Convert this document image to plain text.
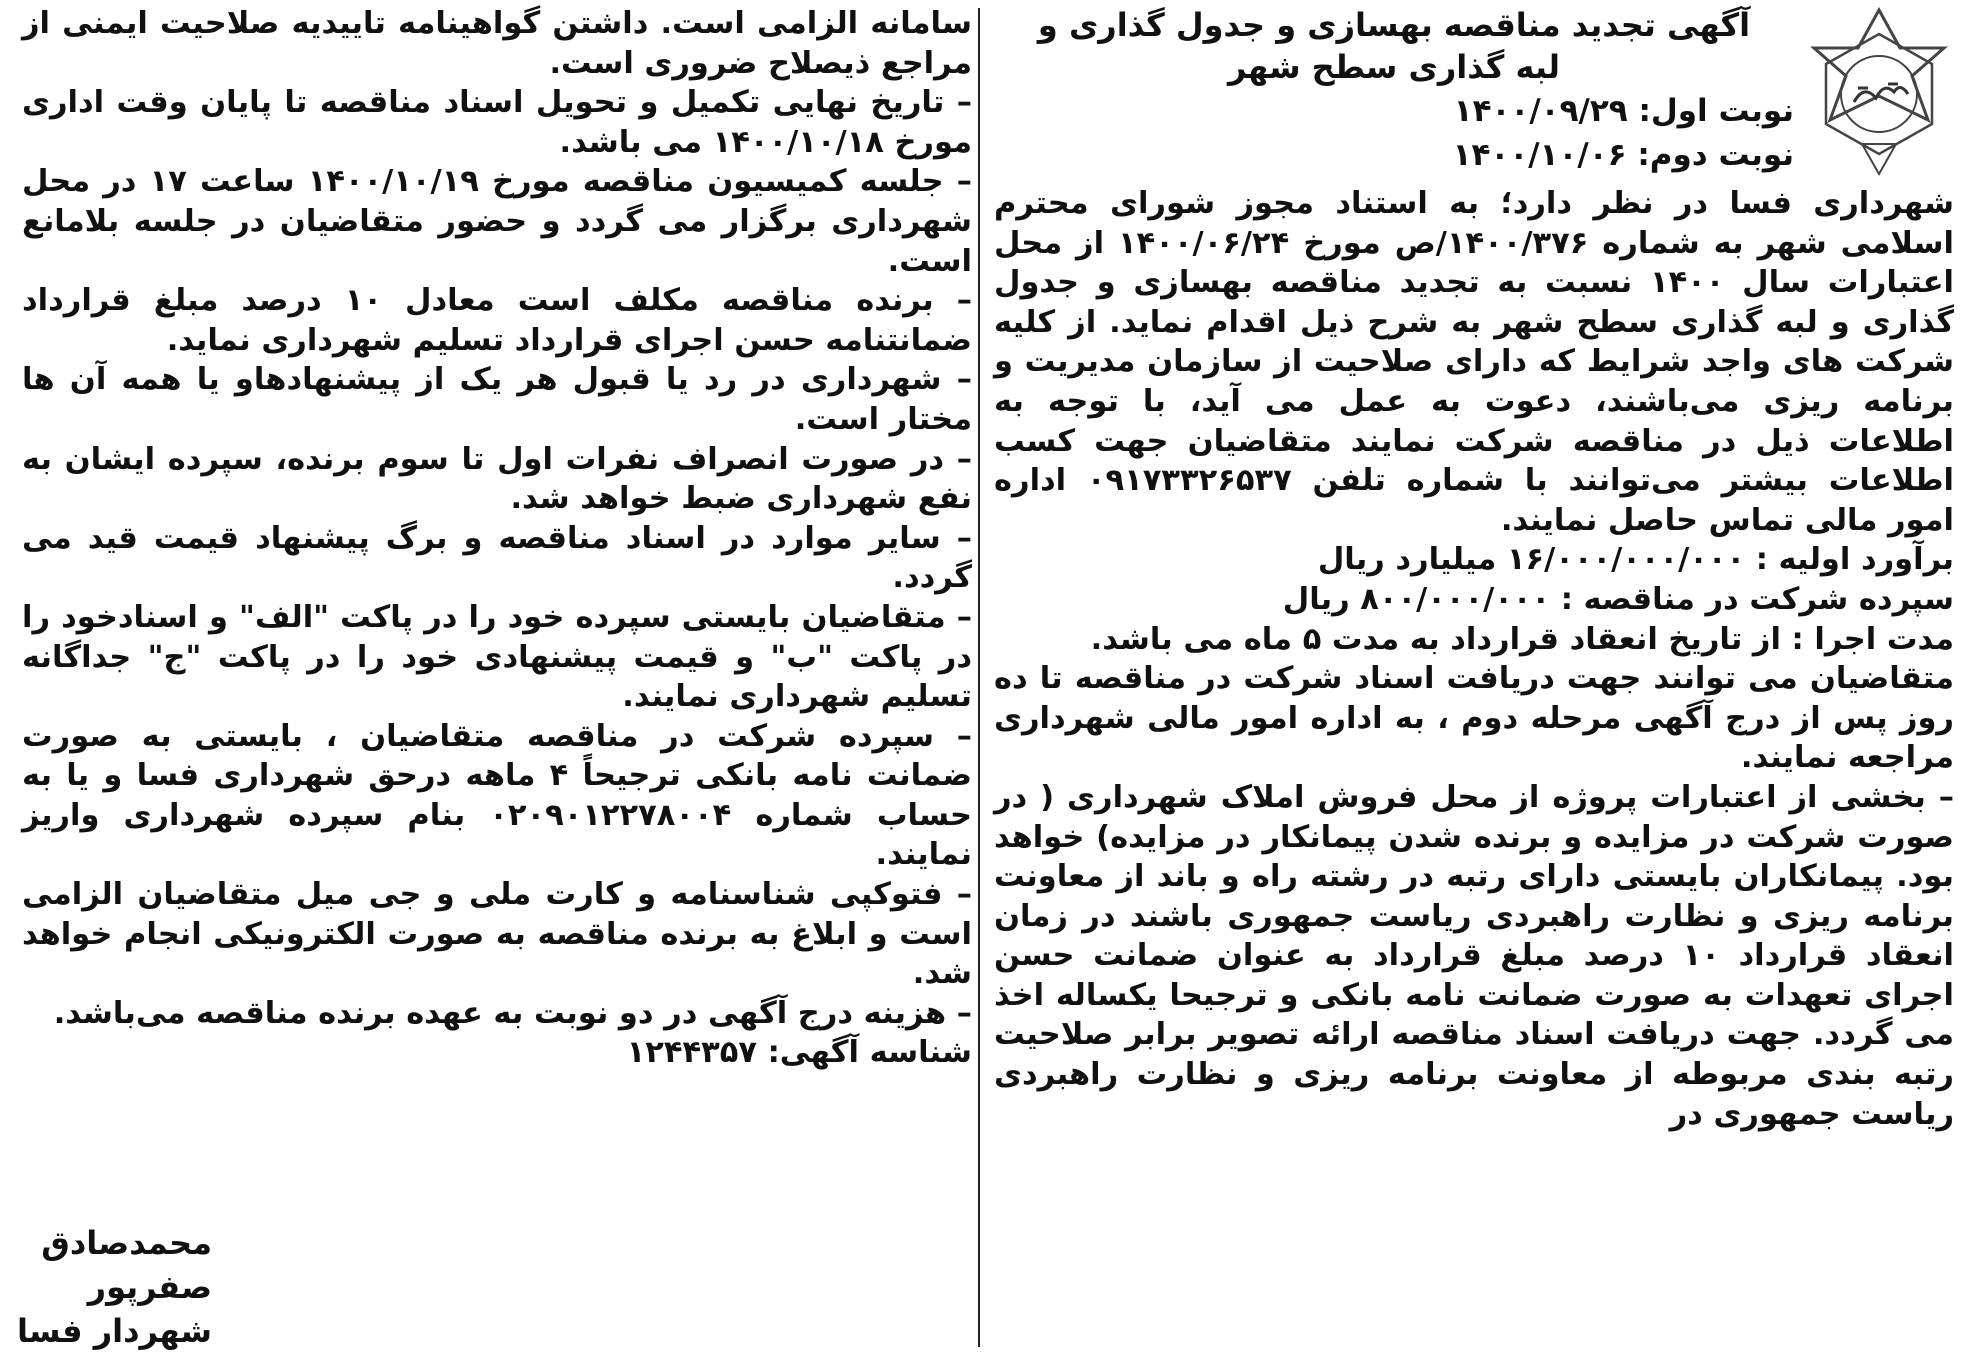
آگهی تجدید مناقصه بهسازی و جدول گذاری و
لبه گذاری سطح شهر

نوبت اول: ۱۴۰۰/۰۹/۲۹

نوبت دوم: ۱۴۰۰/۱۰/۰۶

شهرداری فسا در نظر دارد؛ به استناد مجوز شورای محترم اسلامی شهر به شماره ۱۴۰۰/۳۷۶/ص مورخ ۱۴۰۰/۰۶/۲۴ از محل اعتبارات سال ۱۴۰۰ نسبت به تجدید مناقصه بهسازی و جدول گذاری و لبه گذاری سطح شهر به شرح ذیل اقدام نماید. از کلیه شرکت های واجد شرایط که دارای صلاحیت از سازمان مدیریت و برنامه ریزی می‌باشند، دعوت به عمل می آید، با توجه به اطلاعات ذیل در مناقصه شرکت نمایند متقاضیان جهت کسب اطلاعات بیشتر می‌توانند با شماره تلفن ۰۹۱۷۳۳۲۶۵۳۷ اداره امور مالی تماس حاصل نمایند.

برآورد اولیه : ۱۶/۰۰۰/۰۰۰/۰۰۰ میلیارد ریال

سپرده شرکت در مناقصه : ۸۰۰/۰۰۰/۰۰۰ ریال

مدت اجرا : از تاریخ انعقاد قرارداد به مدت ۵ ماه می باشد.

متقاضیان می توانند جهت دریافت اسناد شرکت در مناقصه تا ده روز پس از درج آگهی مرحله دوم ، به اداره امور مالی شهرداری مراجعه نمایند.

– بخشی از اعتبارات پروژه از محل فروش املاک شهرداری ( در صورت شرکت در مزایده و برنده شدن پیمانکار در مزایده) خواهد بود. پیمانکاران بایستی دارای رتبه در رشته راه و باند از معاونت برنامه ریزی و نظارت راهبردی ریاست جمهوری باشند در زمان انعقاد قرارداد ۱۰ درصد مبلغ قرارداد به عنوان ضمانت حسن اجرای تعهدات به صورت ضمانت نامه بانکی و ترجیحا یکساله اخذ می گردد. جهت دریافت اسناد مناقصه ارائه تصویر برابر صلاحیت رتبه بندی مربوطه از معاونت برنامه ریزی و نظارت راهبردی ریاست جمهوری در

سامانه الزامی است. داشتن گواهینامه تاییدیه صلاحیت ایمنی از مراجع ذیصلاح ضروری است.

– تاریخ نهایی تکمیل و تحویل اسناد مناقصه تا پایان وقت اداری مورخ ۱۴۰۰/۱۰/۱۸ می باشد.

– جلسه کمیسیون مناقصه مورخ ۱۴۰۰/۱۰/۱۹ ساعت ۱۷ در محل شهرداری برگزار می گردد و حضور متقاضیان در جلسه بلامانع است.

– برنده مناقصه مکلف است معادل ۱۰ درصد مبلغ قرارداد ضمانتنامه حسن اجرای قرارداد تسلیم شهرداری نماید.

– شهرداری در رد یا قبول هر یک از پیشنهادهاو یا همه آن ها مختار است.

– در صورت انصراف نفرات اول تا سوم برنده، سپرده ایشان به نفع شهرداری ضبط خواهد شد.

– سایر موارد در اسناد مناقصه و برگ پیشنهاد قیمت قید می گردد.

– متقاضیان بایستی سپرده خود را در پاکت "الف" و اسنادخود را در پاکت "ب" و قیمت پیشنهادی خود را در پاکت "ج" جداگانه تسلیم شهرداری نمایند.

– سپرده شرکت در مناقصه متقاضیان ، بایستی به صورت ضمانت نامه بانکی ترجیحاً ۴ ماهه درحق شهرداری فسا و یا به حساب شماره ۰۲۰۹۰۱۲۲۷۸۰۰۴ بنام سپرده شهرداری واریز نمایند.

– فتوکپی شناسنامه و کارت ملی و جی میل متقاضیان الزامی است و ابلاغ به برنده مناقصه به صورت الکترونیکی انجام خواهد شد.

– هزینه درج آگهی در دو نوبت به عهده برنده مناقصه می‌باشد.

شناسه آگهی: ۱۲۴۴۳۵۷

محمدصادق صفرپور
شهردار فسا
